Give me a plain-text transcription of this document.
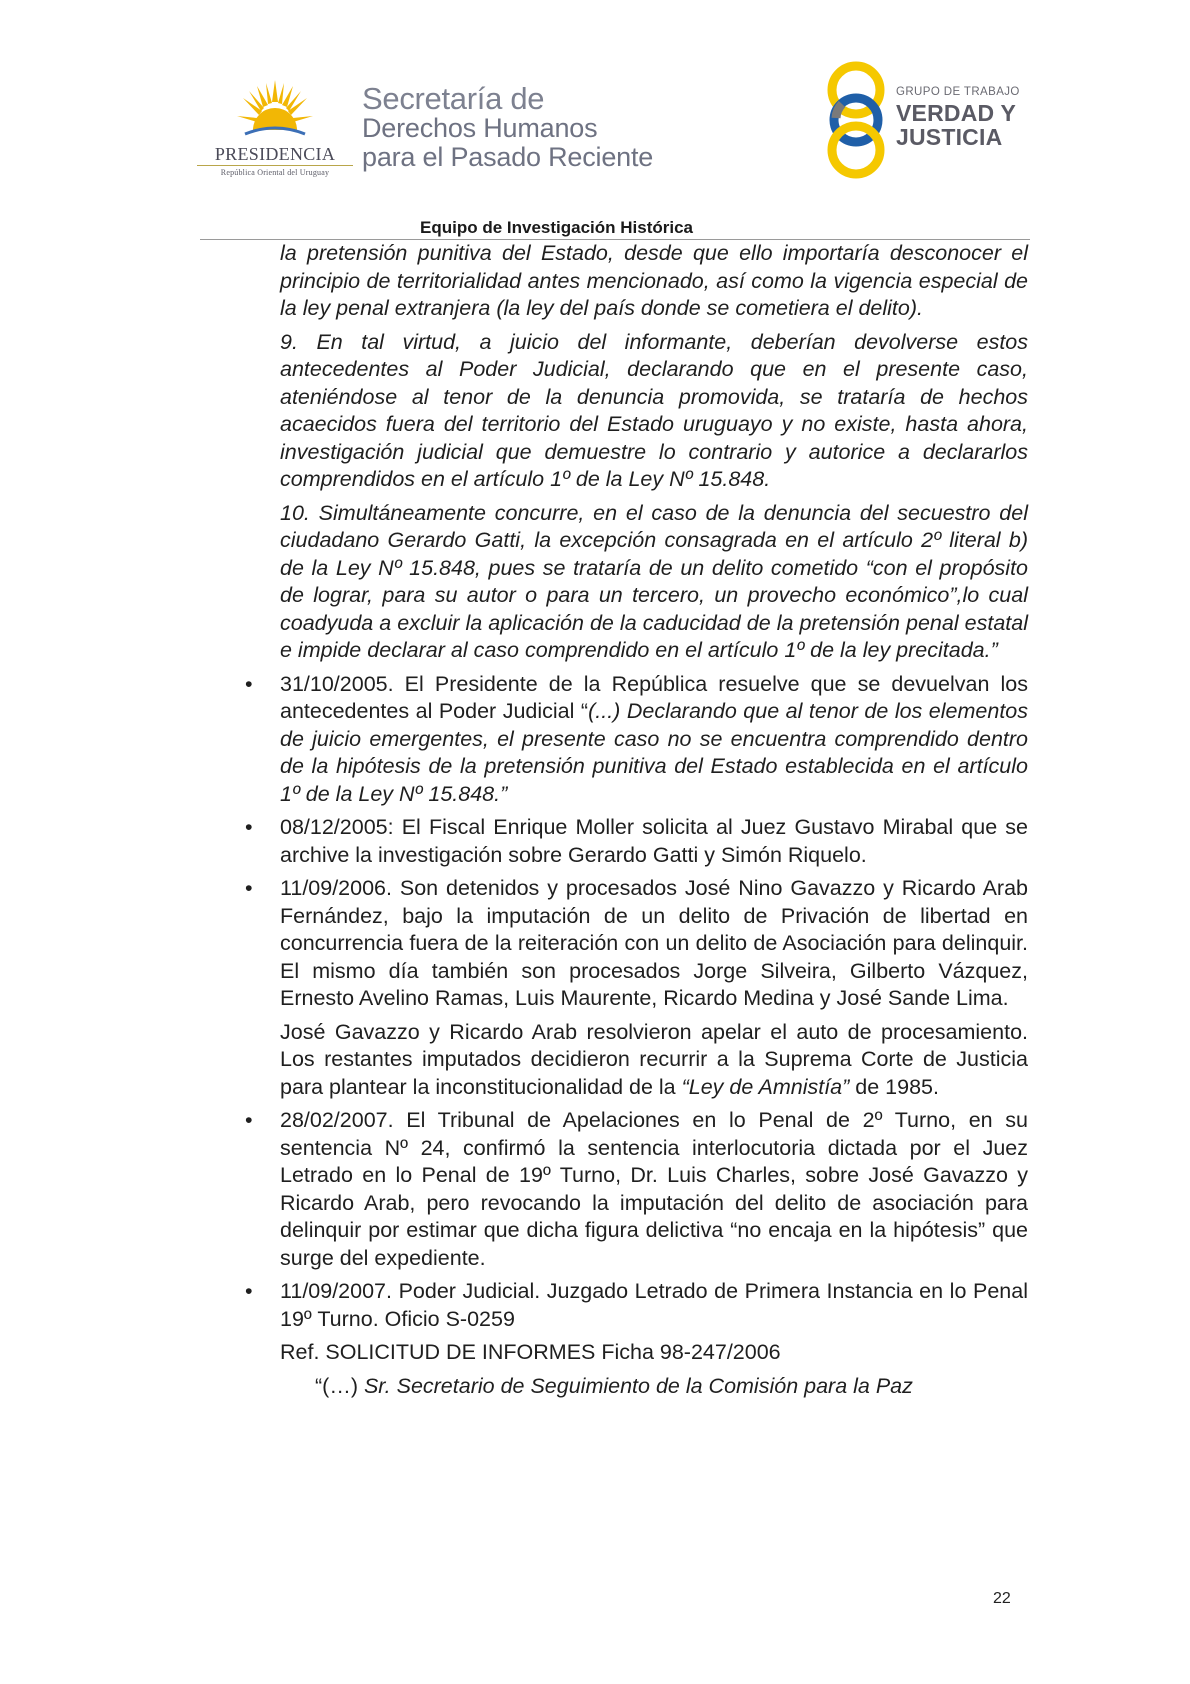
PRESIDENCIA
República Oriental del Uruguay
Secretaría de
Derechos Humanos
para el Pasado Reciente
GRUPO DE TRABAJO
VERDAD Y
JUSTICIA
Equipo de Investigación Histórica

la pretensión punitiva del Estado, desde que ello importaría desconocer el principio de territorialidad antes mencionado, así como la vigencia especial de la ley penal extranjera (la ley del país donde se cometiera el delito).

9. En tal virtud, a juicio del informante, deberían devolverse estos antecedentes al Poder Judicial, declarando que en el presente caso, ateniéndose al tenor de la denuncia promovida, se trataría de hechos acaecidos fuera del territorio del Estado uruguayo y no existe, hasta ahora, investigación judicial que demuestre lo contrario y autorice a declararlos comprendidos en el artículo 1º de la Ley Nº 15.848.

10. Simultáneamente concurre, en el caso de la denuncia del secuestro del ciudadano Gerardo Gatti, la excepción consagrada en el artículo 2º literal b) de la Ley Nº 15.848, pues se trataría de un delito cometido “con el propósito de lograr, para su autor o para un tercero, un provecho económico”,lo cual coadyuda a excluir la aplicación de la caducidad de la pretensión penal estatal e impide declarar al caso comprendido en el artículo 1º de la ley precitada.”

• 31/10/2005. El Presidente de la República resuelve que se devuelvan los antecedentes al Poder Judicial “(...) Declarando que al tenor de los elementos de juicio emergentes, el presente caso no se encuentra comprendido dentro de la hipótesis de la pretensión punitiva del Estado establecida en el artículo 1º de la Ley Nº 15.848.”

• 08/12/2005: El Fiscal Enrique Moller solicita al Juez Gustavo Mirabal que se archive la investigación sobre Gerardo Gatti y Simón Riquelo.

• 11/09/2006. Son detenidos y procesados José Nino Gavazzo y Ricardo Arab Fernández, bajo la imputación de un delito de Privación de libertad en concurrencia fuera de la reiteración con un delito de Asociación para delinquir. El mismo día también son procesados Jorge Silveira, Gilberto Vázquez, Ernesto Avelino Ramas, Luis Maurente, Ricardo Medina y José Sande Lima.

José Gavazzo y Ricardo Arab resolvieron apelar el auto de procesamiento. Los restantes imputados decidieron recurrir a la Suprema Corte de Justicia para plantear la inconstitucionalidad de la “Ley de Amnistía” de 1985.

• 28/02/2007. El Tribunal de Apelaciones en lo Penal de 2º Turno, en su sentencia Nº 24, confirmó la sentencia interlocutoria dictada por el Juez Letrado en lo Penal de 19º Turno, Dr. Luis Charles, sobre José Gavazzo y Ricardo Arab, pero revocando la imputación del delito de asociación para delinquir por estimar que dicha figura delictiva “no encaja en la hipótesis” que surge del expediente.

• 11/09/2007. Poder Judicial. Juzgado Letrado de Primera Instancia en lo Penal 19º Turno. Oficio S-0259

Ref. SOLICITUD DE INFORMES Ficha 98-247/2006

“(…) Sr. Secretario de Seguimiento de la Comisión para la Paz

22
